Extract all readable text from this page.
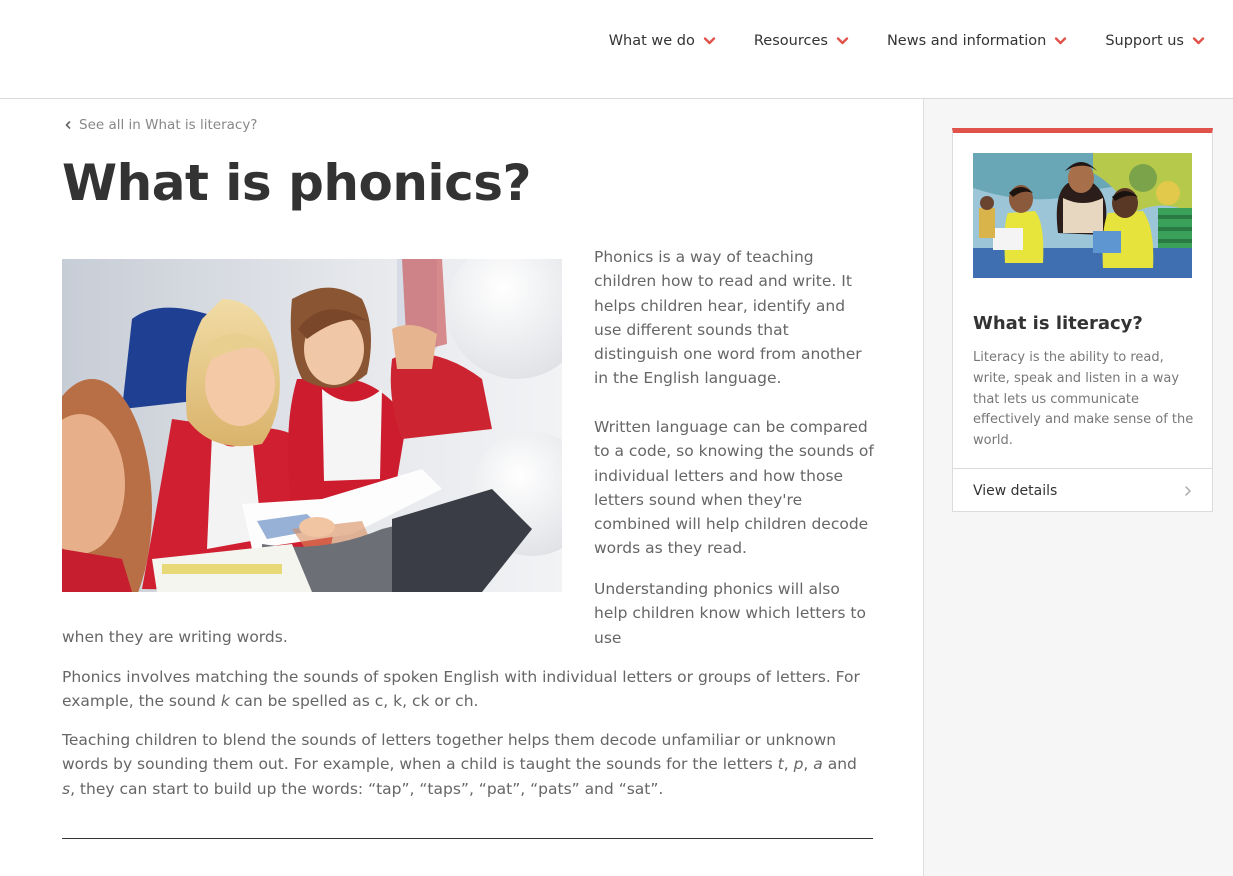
What we do	Resources	News and information	Support us
See all in What is literacy?
What is phonics?

Phonics is a way of teaching children how to read and write. It helps children hear, identify and use different sounds that distinguish one word from another in the English language.

Written language can be compared to a code, so knowing the sounds of individual letters and how those letters sound when they're combined will help children decode words as they read.

Understanding phonics will also help children know which letters to use

when they are writing words.

Phonics involves matching the sounds of spoken English with individual letters or groups of letters. For example, the sound k can be spelled as c, k, ck or ch.

Teaching children to blend the sounds of letters together helps them decode unfamiliar or unknown words by sounding them out. For example, when a child is taught the sounds for the letters t, p, a and s, they can start to build up the words: “tap”, “taps”, “pat”, “pats” and “sat”.

What is literacy?

Literacy is the ability to read, write, speak and listen in a way that lets us communicate effectively and make sense of the world.

View details
